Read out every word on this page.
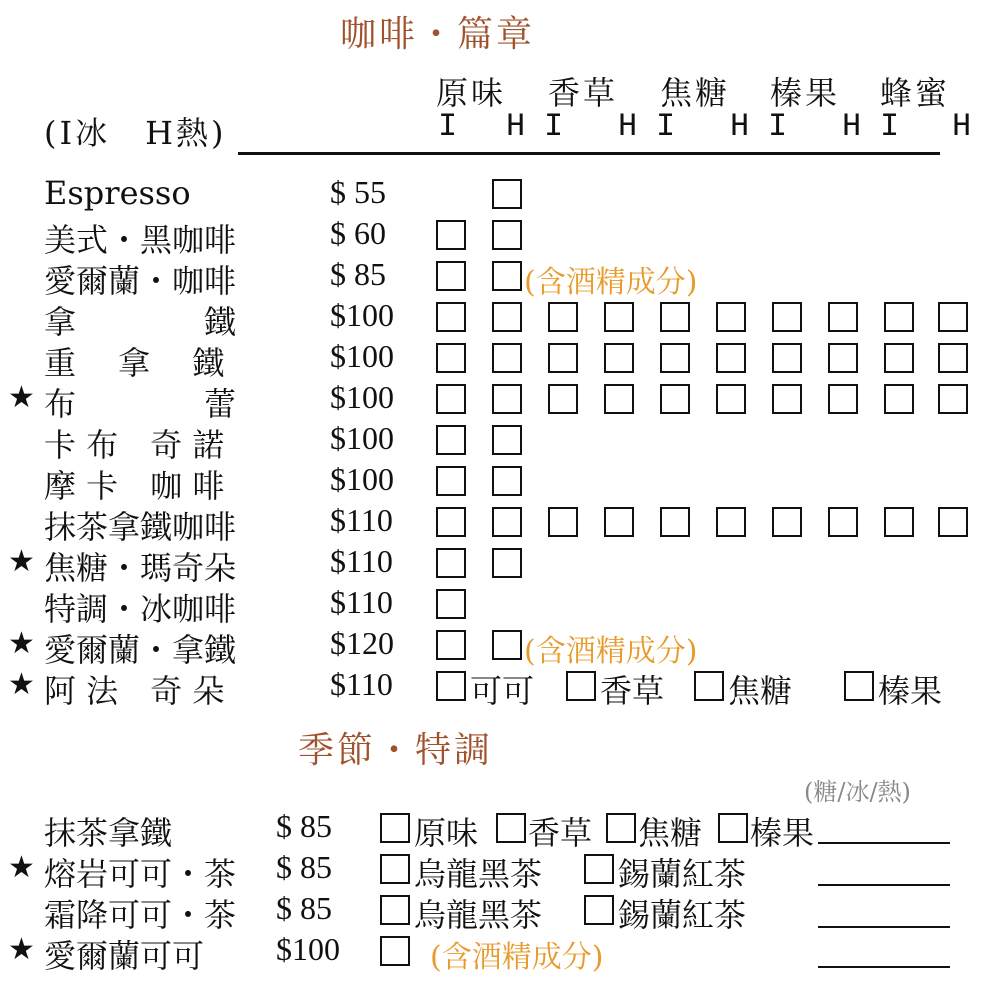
咖啡・篇章
原味 香草 焦糖 榛果 蜂蜜
(I冰　H熱)	I H I H I H I H I H
Espresso	$ 55
美式・黑咖啡	$ 60
愛爾蘭・咖啡	$ 85	(含酒精成分)
拿　　　　鐵	$100
重　 拿　 鐵	$100
★ 布　　　　蕾	$100
卡 布　奇 諾	$100
摩 卡　咖 啡	$100
抹茶拿鐵咖啡	$110
★ 焦糖・瑪奇朵	$110
特調・冰咖啡	$110
★ 愛爾蘭・拿鐵	$120	(含酒精成分)
★ 阿 法　奇 朵	$110 可可 香草 焦糖	榛果
季節・特調
(糖/冰/熱)
抹茶拿鐵	$ 85	原味 香草 焦糖 榛果
★ 熔岩可可・茶 $ 85	烏龍黑茶 錫蘭紅茶
霜降可可・茶 $ 85	烏龍黑茶 錫蘭紅茶
★ 愛爾蘭可可 $100	(含酒精成分)
